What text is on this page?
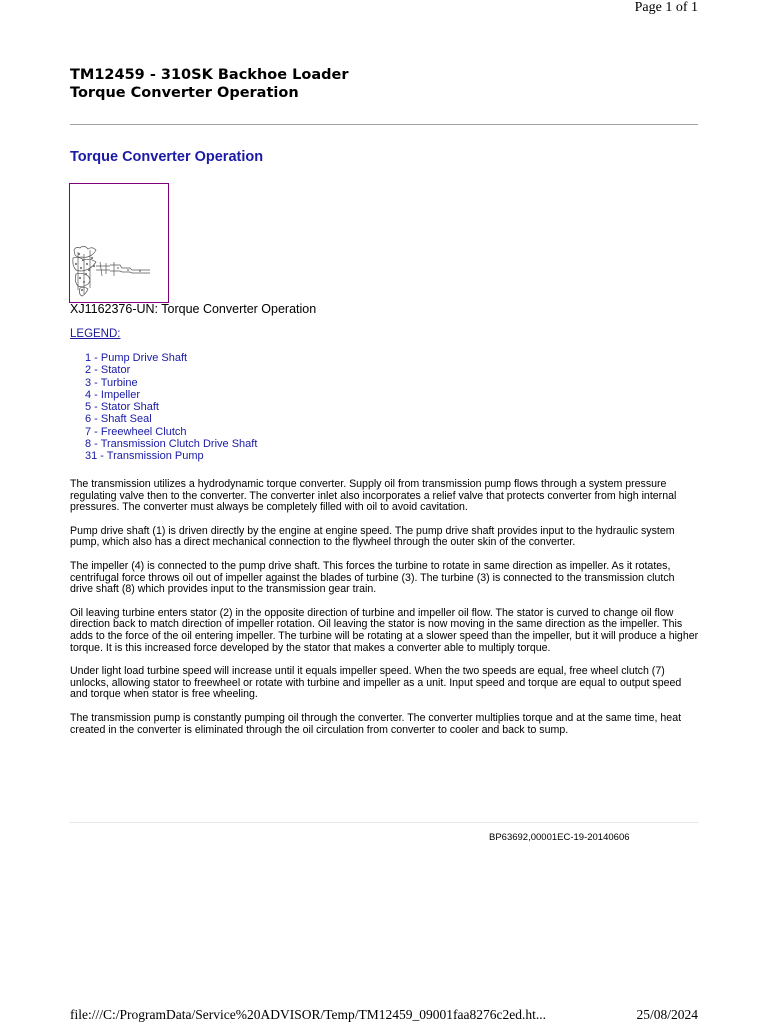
Page 1 of 1
TM12459 - 310SK Backhoe Loader
Torque Converter Operation
Torque Converter Operation
XJ1162376-UN: Torque Converter Operation
LEGEND:
1 - Pump Drive Shaft
2 - Stator
3 - Turbine
4 - Impeller
5 - Stator Shaft
6 - Shaft Seal
7 - Freewheel Clutch
8 - Transmission Clutch Drive Shaft
31 - Transmission Pump

The transmission utilizes a hydrodynamic torque converter. Supply oil from transmission pump flows through a system pressure regulating valve then to the converter. The converter inlet also incorporates a relief valve that protects converter from high internal pressures. The converter must always be completely filled with oil to avoid cavitation.

Pump drive shaft (1) is driven directly by the engine at engine speed. The pump drive shaft provides input to the hydraulic system pump, which also has a direct mechanical connection to the flywheel through the outer skin of the converter.

The impeller (4) is connected to the pump drive shaft. This forces the turbine to rotate in same direction as impeller. As it rotates, centrifugal force throws oil out of impeller against the blades of turbine (3). The turbine (3) is connected to the transmission clutch drive shaft (8) which provides input to the transmission gear train.

Oil leaving turbine enters stator (2) in the opposite direction of turbine and impeller oil flow. The stator is curved to change oil flow direction back to match direction of impeller rotation. Oil leaving the stator is now moving in the same direction as the impeller. This adds to the force of the oil entering impeller. The turbine will be rotating at a slower speed than the impeller, but it will produce a higher torque. It is this increased force developed by the stator that makes a converter able to multiply torque.

Under light load turbine speed will increase until it equals impeller speed. When the two speeds are equal, free wheel clutch (7) unlocks, allowing stator to freewheel or rotate with turbine and impeller as a unit. Input speed and torque are equal to output speed and torque when stator is free wheeling.

The transmission pump is constantly pumping oil through the converter. The converter multiplies torque and at the same time, heat created in the converter is eliminated through the oil circulation from converter to cooler and back to sump.

BP63692,00001EC-19-20140606
file:///C:/ProgramData/Service%20ADVISOR/Temp/TM12459_09001faa8276c2ed.ht...	25/08/2024
